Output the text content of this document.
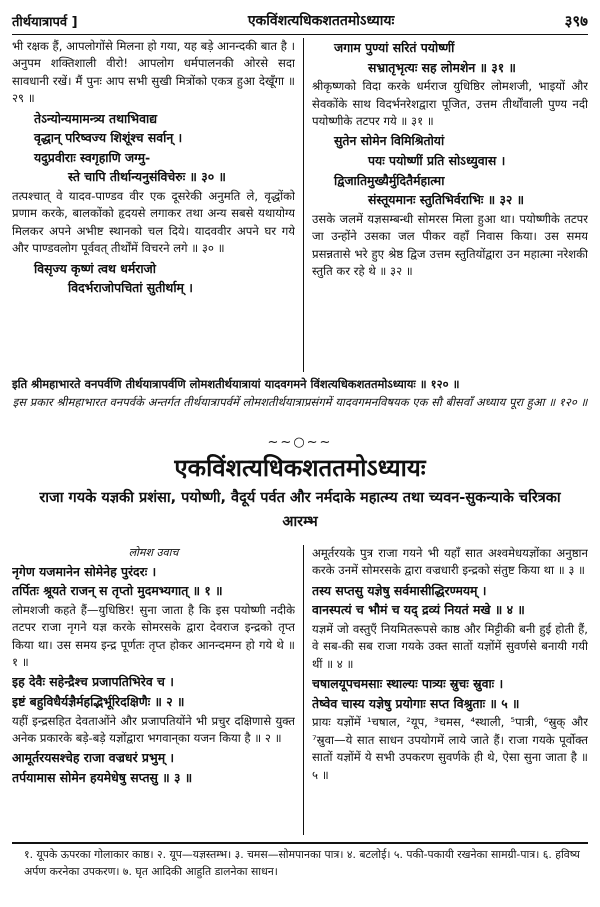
तीर्थयात्रापर्व ]	एकविंशत्यधिकशततमोऽध्यायः	३९७
भी रक्षक हैं, आपलोगोंसे मिलना हो गया, यह बड़े आनन्दकी बात है । अनुपम शक्तिशाली वीरो! आपलोग धर्मपालनकी ओरसे सदा सावधानी रखें। मैं पुनः आप सभी सुखी मित्रोंको एकत्र हुआ देखूँगा ॥ २९ ॥
तेऽन्योन्यमामन्त्र्य तथाभिवाद्य
वृद्धान् परिष्वज्य शिशूंश्च सर्वान् ।
यदुप्रवीराः स्वगृहाणि जग्मु-
स्ते चापि तीर्थान्यनुसंविचेरुः ॥ ३० ॥
तत्पश्चात् वे यादव-पाण्डव वीर एक दूसरेकी अनुमति ले, वृद्धोंको प्रणाम करके, बालकोंको हृदयसे लगाकर तथा अन्य सबसे यथायोग्य मिलकर अपने अभीष्ट स्थानको चल दिये। यादववीर अपने घर गये और पाण्डवलोग पूर्ववत् तीर्थोंमें विचरने लगे ॥ ३० ॥
विसृज्य कृष्णं त्वथ धर्मराजो
विदर्भराजोपचितां सुतीर्थाम् ।
जगाम पुण्यां सरितं पयोष्णीं
सभ्रातृभृत्यः सह लोमशेन ॥ ३१ ॥
श्रीकृष्णको विदा करके धर्मराज युधिष्ठिर लोमशजी, भाइयों और सेवकोंके साथ विदर्भनरेशद्वारा पूजित, उत्तम तीर्थोंवाली पुण्य नदी पयोष्णीके तटपर गये ॥ ३१ ॥
सुतेन सोमेन विमिश्रितोयां
पयः पयोष्णीं प्रति सोऽध्युवास ।
द्विजातिमुख्यैर्मुदितैर्महात्मा
संस्तूयमानः स्तुतिभिर्वराभिः ॥ ३२ ॥
उसके जलमें यज्ञसम्बन्धी सोमरस मिला हुआ था। पयोष्णीके तटपर जा उन्होंने उसका जल पीकर वहाँ निवास किया। उस समय प्रसन्नतासे भरे हुए श्रेष्ठ द्विज उत्तम स्तुतियोंद्वारा उन महात्मा नरेशकी स्तुति कर रहे थे ॥ ३२ ॥
इति श्रीमहाभारते वनपर्वणि तीर्थयात्रापर्वणि लोमशतीर्थयात्रायां यादवगमने विंशत्यधिकशततमोऽध्यायः ॥ १२० ॥
इस प्रकार श्रीमहाभारत वनपर्वके अन्तर्गत तीर्थयात्रापर्वमें लोमशतीर्थयात्राप्रसंगमें यादवगमनविषयक एक सौ बीसवाँ अध्याय पूरा हुआ ॥ १२० ॥
~~○~~
एकविंशत्यधिकशततमोऽध्यायः
राजा गयके यज्ञकी प्रशंसा, पयोष्णी, वैदूर्य पर्वत और नर्मदाके महात्म्य तथा च्यवन-सुकन्याके चरित्रका आरम्भ
लोमश उवाच
नृगेण यजमानेन सोमेनेह पुरंदरः ।
तर्पितः श्रूयते राजन् स तृप्तो मुदमभ्यगात् ॥ १ ॥
लोमशजी कहते हैं—युधिष्ठिर! सुना जाता है कि इस पयोष्णी नदीके तटपर राजा नृगने यज्ञ करके सोमरसके द्वारा देवराज इन्द्रको तृप्त किया था। उस समय इन्द्र पूर्णतः तृप्त होकर आनन्दमग्न हो गये थे ॥ १ ॥
इह देवैः सहेन्द्रैश्च प्रजापतिभिरेव च ।
इष्टं बहुविधैर्यज्ञैर्महद्भिर्भूरिदक्षिणैः ॥ २ ॥
यहीं इन्द्रसहित देवताओंने और प्रजापतियोंने भी प्रचुर दक्षिणासे युक्त अनेक प्रकारके बड़े-बड़े यज्ञोंद्वारा भगवान्‌का यजन किया है ॥ २ ॥
आमूर्तरयसश्चेह राजा वज्रधरं प्रभुम् ।
तर्पयामास सोमेन हयमेधेषु सप्तसु ॥ ३ ॥
अमूर्तरयके पुत्र राजा गयने भी यहाँ सात अश्वमेधयज्ञोंका अनुष्ठान करके उनमें सोमरसके द्वारा वज्रधारी इन्द्रको संतुष्ट किया था ॥ ३ ॥
तस्य सप्तसु यज्ञेषु सर्वमासीद्धिरण्मयम् ।
वानस्पत्यं च भौमं च यद् द्रव्यं नियतं मखे ॥ ४ ॥
यज्ञमें जो वस्तुएँ नियमितरूपसे काष्ठ और मिट्टीकी बनी हुई होती हैं, वे सब-की सब राजा गयके उक्त सातों यज्ञोंमें सुवर्णसे बनायी गयी थीं ॥ ४ ॥
चषालयूपचमसाः स्थाल्यः पात्र्यः स्रुचः स्रुवाः ।
तेष्वेव चास्य यज्ञेषु प्रयोगाः सप्त विश्रुताः ॥ ५ ॥
प्रायः यज्ञोंमें ¹चषाल, ²यूप, ³चमस, ⁴स्थाली, ⁵पात्री, ⁶स्रुक् और ⁷स्रुवा—ये सात साधन उपयोगमें लाये जाते हैं। राजा गयके पूर्वोक्त सातों यज्ञोंमें ये सभी उपकरण सुवर्णके ही थे, ऐसा सुना जाता है ॥ ५ ॥
१. यूपके ऊपरका गोलाकार काष्ठ। २. यूप—यज्ञस्तम्भ। ३. चमस—सोमपानका पात्र। ४. बटलोई। ५. पकी-पकायी रखनेका सामग्री-पात्र। ६. हविष्य अर्पण करनेका उपकरण। ७. घृत आदिकी आहुति डालनेका साधन।
